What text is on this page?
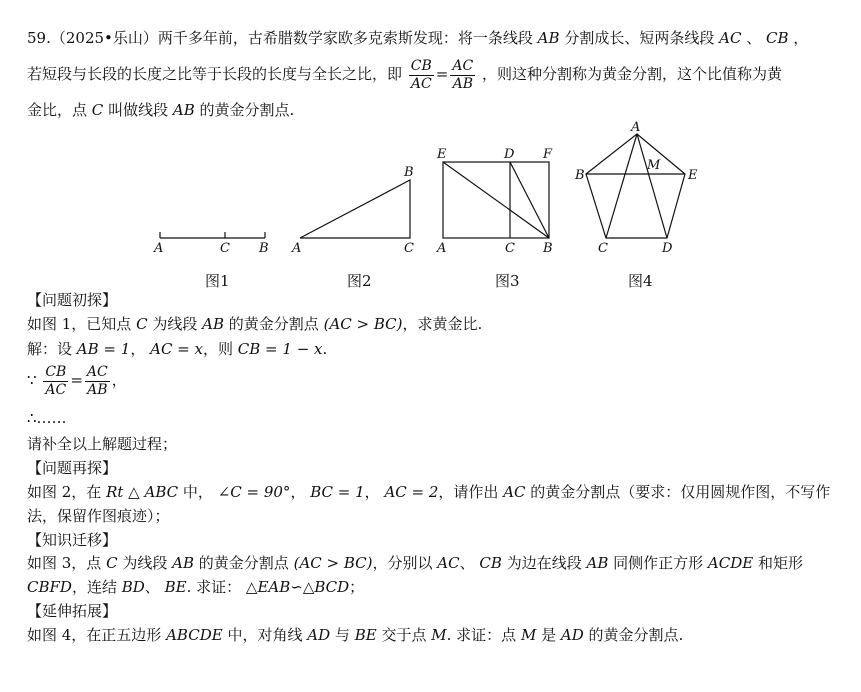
59.（2025•乐山）两千多年前，古希腊数学家欧多克索斯发现：将一条线段 AB 分割成长、短两条线段 AC 、 CB ，
若短段与长段的长度之比等于长段的长度与全长之比，即 $\frac{CB}{AC} = \frac{AC}{AB}$ ，则这种分割称为黄金分割，这个比值称为黄
金比，点 C 叫做线段 AB 的黄金分割点.
A	C B A
B
C
E	D F
A	C B
A
B
M
E
C	D
图1	图2	图3	图4
【问题初探】
如图 1，已知点 C 为线段 AB 的黄金分割点 (AC > BC)，求黄金比.
解：设 AB = 1， AC = x，则 CB = 1 − x.
∵ $\frac{CB}{AC} = \frac{AC}{AB}$ ，
∴……
请补全以上解题过程；
【问题再探】
如图 2，在 Rt △ ABC 中， ∠C = 90°， BC = 1， AC = 2，请作出 AC 的黄金分割点（要求：仅用圆规作图，不写作
法，保留作图痕迹）；
【知识迁移】
如图 3，点 C 为线段 AB 的黄金分割点 (AC > BC)，分别以 AC、 CB 为边在线段 AB 同侧作正方形 ACDE 和矩形
CBFD，连结 BD、 BE. 求证： △EAB∽△BCD；
【延伸拓展】
如图 4，在正五边形 ABCDE 中，对角线 AD 与 BE 交于点 M. 求证：点 M 是 AD 的黄金分割点.
